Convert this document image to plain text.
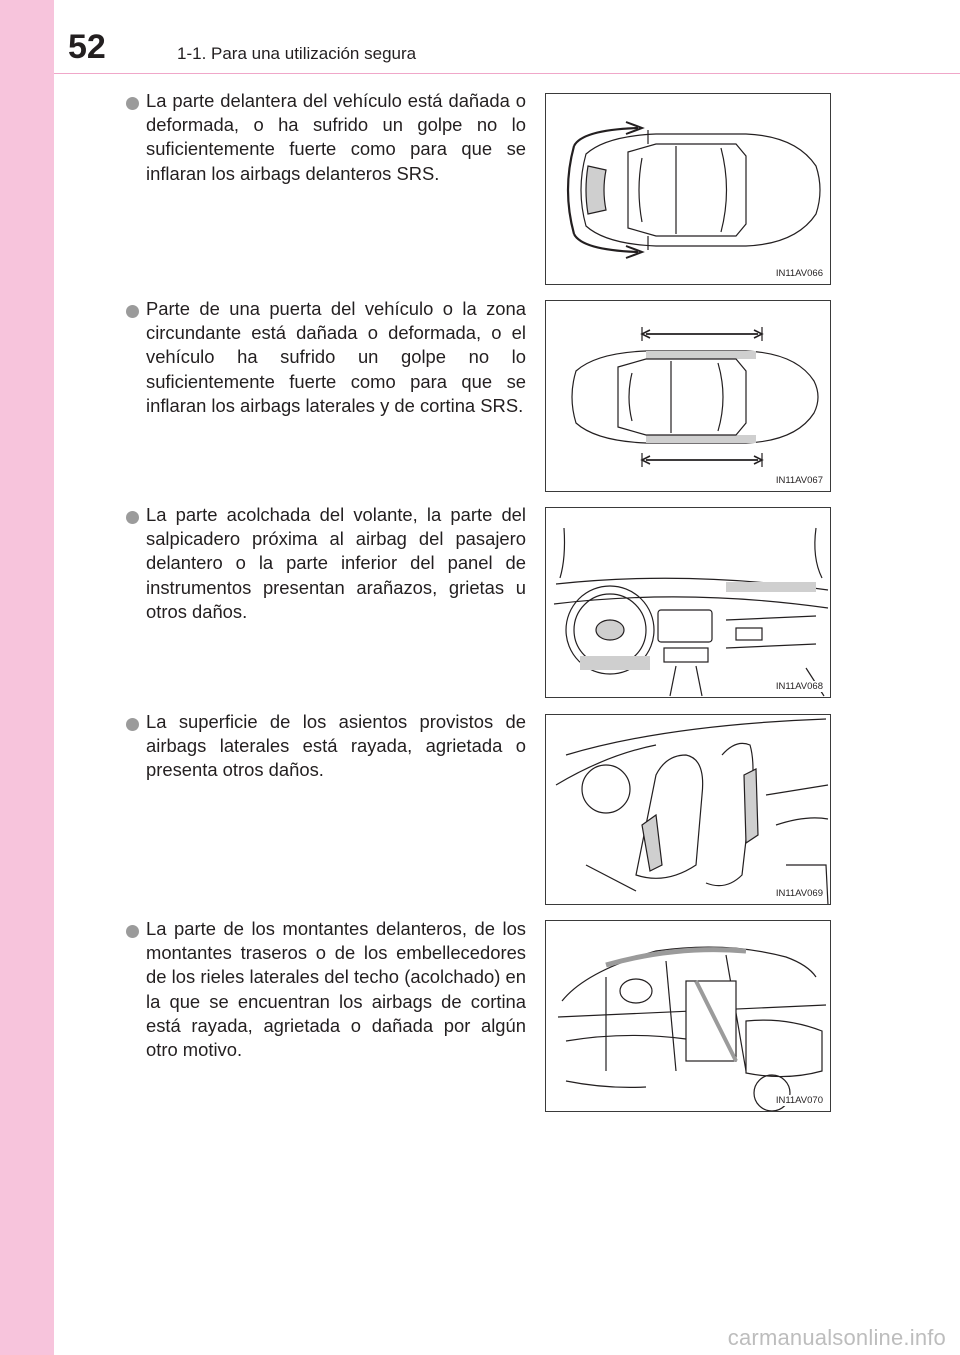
52	1-1. Para una utilización segura

La parte delantera del vehículo está dañada o deformada, o ha sufrido un golpe no lo suficientemente fuerte como para que se inflaran los airbags delanteros SRS.

IN11AV066

Parte de una puerta del vehículo o la zona circundante está dañada o deformada, o el vehículo ha sufrido un golpe no lo suficientemente fuerte como para que se inflaran los airbags laterales y de cortina SRS.

IN11AV067

La parte acolchada del volante, la parte del salpicadero próxima al airbag del pasajero delantero o la parte inferior del panel de instrumentos presentan arañazos, grietas u otros daños.

IN11AV068

La superficie de los asientos provistos de airbags laterales está rayada, agrietada o presenta otros daños.

IN11AV069

La parte de los montantes delanteros, de los montantes traseros o de los embellecedores de los rieles laterales del techo (acolchado) en la que se encuentran los airbags de cortina está rayada, agrietada o dañada por algún otro motivo.

IN11AV070
carmanualsonline.info
